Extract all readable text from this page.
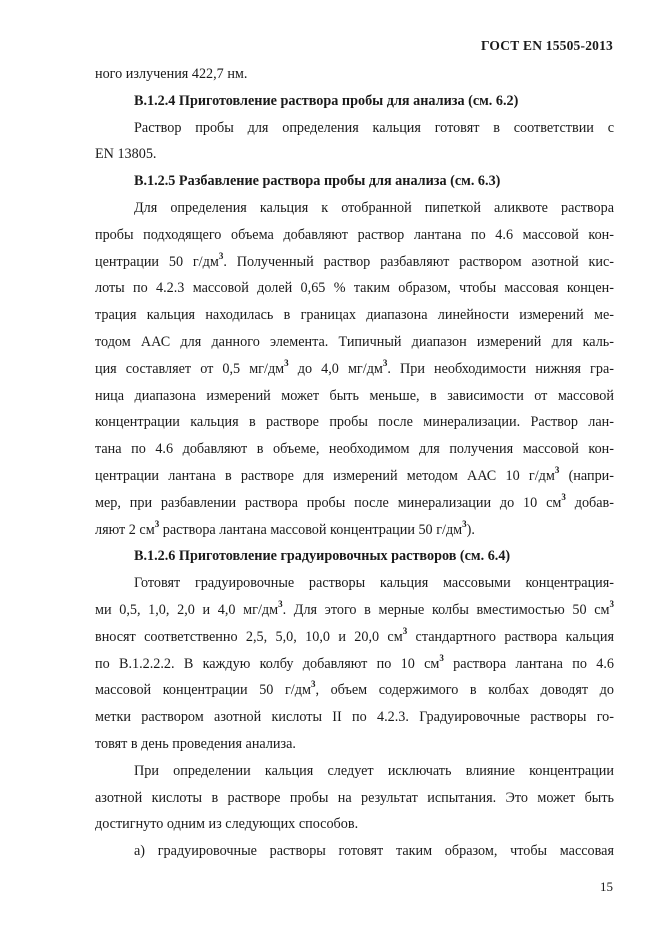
ГОСТ EN 15505-2013
ного излучения 422,7 нм.
В.1.2.4 Приготовление раствора пробы для анализа (см. 6.2)
Раствор пробы для определения кальция готовят в соответствии с
EN 13805.
В.1.2.5 Разбавление раствора пробы для анализа (см. 6.3)
Для определения кальция к отобранной пипеткой аликвоте раствора
пробы подходящего объема добавляют раствор лантана по 4.6 массовой кон-
центрации 50 $г/дм^3$. Полученный раствор разбавляют раствором азотной кис-
лоты по 4.2.3 массовой долей 0,65 % таким образом, чтобы массовая концен-
трация кальция находилась в границах диапазона линейности измерений ме-
тодом ААС для данного элемента. Типичный диапазон измерений для каль-
ция составляет от 0,5 $мг/дм^3$ до 4,0 $мг/дм^3$. При необходимости нижняя гра-
ница диапазона измерений может быть меньше, в зависимости от массовой
концентрации кальция в растворе пробы после минерализации. Раствор лан-
тана по 4.6 добавляют в объеме, необходимом для получения массовой кон-
центрации лантана в растворе для измерений методом ААС 10 $г/дм^3$ (напри-
мер, при разбавлении раствора пробы после минерализации до 10 $см^3$ добав-
ляют 2 $см^3$ раствора лантана массовой концентрации 50 $г/дм^3$).
В.1.2.6 Приготовление градуировочных растворов (см. 6.4)
Готовят градуировочные растворы кальция массовыми концентрация-
ми 0,5, 1,0, 2,0 и 4,0 $мг/дм^3$. Для этого в мерные колбы вместимостью 50 $см^3$
вносят соответственно 2,5, 5,0, 10,0 и 20,0 $см^3$ стандартного раствора кальция
по В.1.2.2.2. В каждую колбу добавляют по 10 $см^3$ раствора лантана по 4.6
массовой концентрации 50 $г/дм^3$, объем содержимого в колбах доводят до
метки раствором азотной кислоты II по 4.2.3. Градуировочные растворы го-
товят в день проведения анализа.
При определении кальция следует исключать влияние концентрации
азотной кислоты в растворе пробы на результат испытания. Это может быть
достигнуто одним из следующих способов.
а) градуировочные растворы готовят таким образом, чтобы массовая
15
